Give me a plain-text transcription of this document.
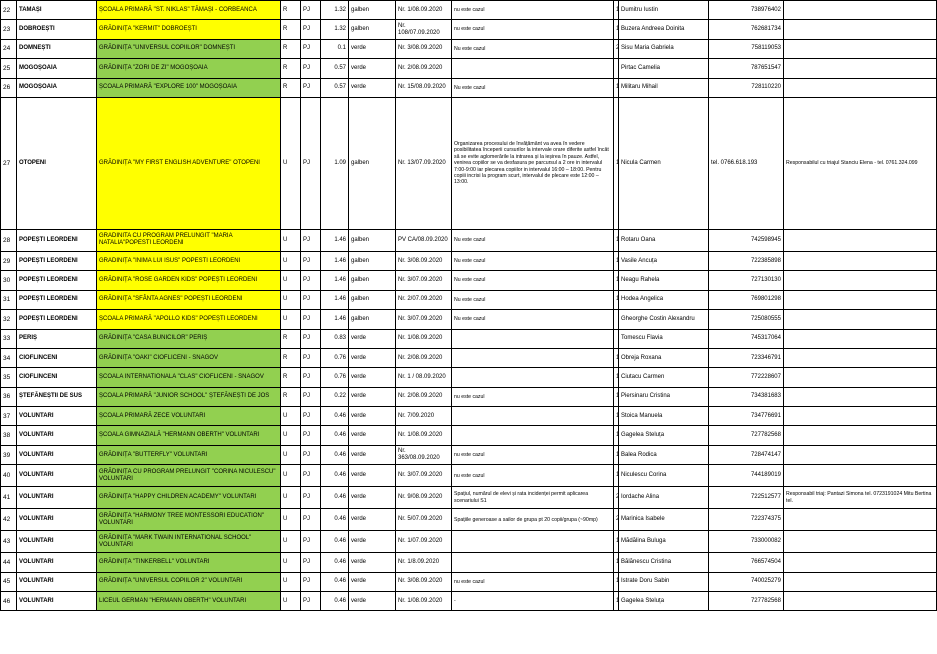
22	TAMAȘI	ȘCOALA PRIMARĂ "ST. NIKLAS" TĂMAȘI - CORBEANCA	R	PJ	1.32	galben	Nr. 1/08.09.2020	nu este cazul	1	Dumitru Iustin	738976402	
23	DOBROEȘTI	GRĂDINIȚA "KERMIT" DOBROEȘTI	R	PJ	1.32	galben	Nr. 108/07.09.2020	nu este cazul	1	Buzera Andreea Doinita	762681734	
24	DOMNEȘTI	GRĂDINIȚA "UNIVERSUL COPIILOR" DOMNEȘTI	R	PJ	0.1	verde	Nr. 3/08.09.2020	Nu este cazul	2	Sisu Maria Gabriela	758119053	
25	MOGOȘOAIA	GRĂDINIȚA "ZORI DE ZI" MOGOȘOAIA	R	PJ	0.57	verde	Nr. 2/08.09.2020			Pirtac Camelia	787651547	
26	MOGOȘOAIA	ȘCOALA PRIMARĂ "EXPLORE 100" MOGOȘOAIA	R	PJ	0.57	verde	Nr. 15/08.09.2020	Nu este cazul	1	Militaru Mihail	728110220	
27	OTOPENI	GRĂDINIȚA "MY FIRST ENGLISH ADVENTURE" OTOPENI	U	PJ	1.09	galben	Nr. 13/07.09.2020	Organizarea procesului de învățământ va avea în vedere posibilitatea începerii cursurilor la intervale orare diferite astfel încât să se evite aglomerările la intrarea și la ieșirea în pauze. Astfel, venirea copiilor se va desfasura pe parcursul a 2 ore in intervalul 7:00-9:00 iar plecarea copiilor in intervalul 16:00 – 18:00. Pentru copiii incrisi la program scurt, intervalul de plecare este 12:00 – 13:00.	1	Nicula Carmen	tel. 0766.618.193	Responsabilul cu triajul Stanciu Elena - tel. 0761.324.099
28	POPEȘTI LEORDENI	GRADINITA CU PROGRAM PRELUNGIT "MARIA NATALIA"POPESTI LEORDENI	U	PJ	1.46	galben	PV CA/08.09.2020	Nu este cazul	1	Rotaru Oana	742598945	
29	POPEȘTI LEORDENI	GRADINIȚA "INIMA LUI ISUS" POPESTI LEORDENI	U	PJ	1.46	galben	Nr. 3/08.09.2020	Nu este cazul	1	Vasile Ancuța	722385898	
30	POPEȘTI LEORDENI	GRĂDINIȚA "ROSE GARDEN KIDS" POPEȘTI LEORDENI	U	PJ	1.46	galben	Nr. 3/07.09.2020	Nu este cazul	1	Neagu Rahela	727130130	
31	POPEȘTI LEORDENI	GRĂDINIȚA "SFÂNTA AGNES" POPEȘTI LEORDENI	U	PJ	1.46	galben	Nr. 2/07.09.2020	Nu este cazul	1	Hodea Angelica	769801298	
32	POPEȘTI LEORDENI	ȘCOALA PRIMARĂ "APOLLO KIDS" POPEȘTI LEORDENI	U	PJ	1.46	galben	Nr. 3/07.09.2020	Nu este cazul		Gheorghe Costin Alexandru	725080555	
33	PERIȘ	GRĂDINIȚA "CASA BUNICILOR" PERIȘ	R	PJ	0.83	verde	Nr. 1/08.09.2020			Tomescu Flavia	745317064	
34	CIOFLINCENI	GRĂDINIȚA "OAKI" CIOFLICENI - SNAGOV	R	PJ	0.76	verde	Nr. 2/08.09.2020		1	Obreja Roxana	723346791	
35	CIOFLINCENI	ȘCOALA INTERNATIONALA "CLAS" CIOFLICENI - SNAGOV	R	PJ	0.76	verde	Nr. 1 / 08.09.2020		1	Ciutacu Carmen	772228607	
36	ȘTEFĂNEȘTII DE SUS	ȘCOALA PRIMARĂ "JUNIOR SCHOOL" ȘTEFĂNEȘTI DE JOS	R	PJ	0.22	verde	Nr. 2/08.09.2020	nu este cazul	1	Piersinaru Cristina	734381683	
37	VOLUNTARI	ȘCOALA PRIMARĂ ZECE VOLUNTARI	U	PJ	0.46	verde	Nr. 7/09.2020		1	Stoica Manuela	734776691	
38	VOLUNTARI	ȘCOALA GIMNAZIALĂ "HERMANN OBERTH" VOLUNTARI	U	PJ	0.46	verde	Nr. 1/08.09.2020		1	Gagelea Steluța	727782568	
39	VOLUNTARI	GRĂDINIȚA "BUTTERFLY" VOLUNTARI	U	PJ	0.46	verde	Nr. 363/08.09.2020	nu este cazul	1	Balea Rodica	728474147	
40	VOLUNTARI	GRĂDINIȚA CU PROGRAM PRELUNGIT "CORINA NICULESCU" VOLUNTARI	U	PJ	0.46	verde	Nr. 3/07.09.2020	nu este cazul	1	Niculescu Corina	744189019	
41	VOLUNTARI	GRĂDINIȚA "HAPPY CHILDREN ACADEMY" VOLUNTARI	U	PJ	0.46	verde	Nr. 9/08.09.2020	Spațiul, numărul de elevi și rata incidenței permit aplicarea scenariului S1	2	Iordache Alina	722512577	Responsabil triaj: Pantazi Simona tel. 0723191024 Mitu Bertina tel.
42	VOLUNTARI	GRĂDINIȚA "HARMONY TREE MONTESSORI EDUCATION" VOLUNTARI	U	PJ	0.46	verde	Nr. 5/07.09.2020	Spațiile generoase a sailor de grupa pt 20 copii/grupa (~90mp)	2	Marinica Isabele	722374375	
43	VOLUNTARI	GRĂDINIȚA "MARK TWAIN INTERNATIONAL SCHOOL" VOLUNTARI	U	PJ	0.46	verde	Nr. 1/07.09.2020		1	Mădălina Buluga	733000082	
44	VOLUNTARI	GRĂDINIȚA "TINKERBELL" VOLUNTARI	U	PJ	0.46	verde	Nr. 1/8.09.2020		1	Bălănescu Cristina	766574504	
45	VOLUNTARI	GRĂDINIȚA "UNIVERSUL COPIILOR 2" VOLUNTARI	U	PJ	0.46	verde	Nr. 3/08.09.2020	nu este cazul	1	Istrate Doru Sabin	740025279	
46	VOLUNTARI	LICEUL GERMAN "HERMANN OBERTH" VOLUNTARI	U	PJ	0.46	verde	Nr. 1/08.09.2020	-	1	Gagelea Steluța	727782568	
